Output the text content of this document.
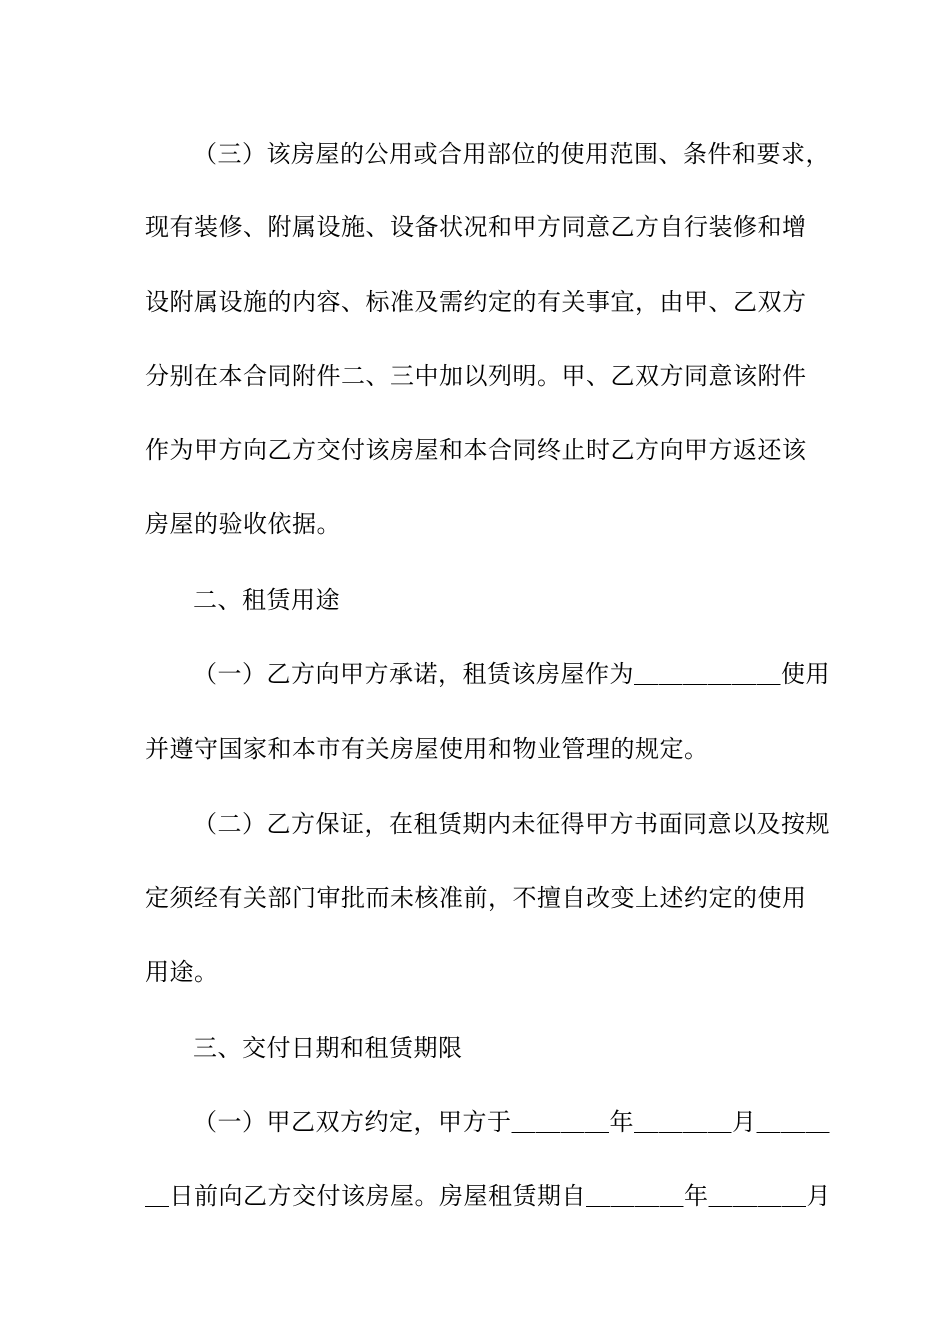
（三）该房屋的公用或合用部位的使用范围、条件和要求，

现有装修、附属设施、设备状况和甲方同意乙方自行装修和增

设附属设施的内容、标准及需约定的有关事宜，由甲、乙双方

分别在本合同附件二、三中加以列明。甲、乙双方同意该附件

作为甲方向乙方交付该房屋和本合同终止时乙方向甲方返还该

房屋的验收依据。

二、租赁用途

（一）乙方向甲方承诺，租赁该房屋作为＿＿＿＿＿＿使用

并遵守国家和本市有关房屋使用和物业管理的规定。

（二）乙方保证，在租赁期内未征得甲方书面同意以及按规

定须经有关部门审批而未核准前，不擅自改变上述约定的使用

用途。

三、交付日期和租赁期限

（一）甲乙双方约定，甲方于＿＿＿＿年＿＿＿＿月＿＿＿

＿日前向乙方交付该房屋。房屋租赁期自＿＿＿＿年＿＿＿＿月
